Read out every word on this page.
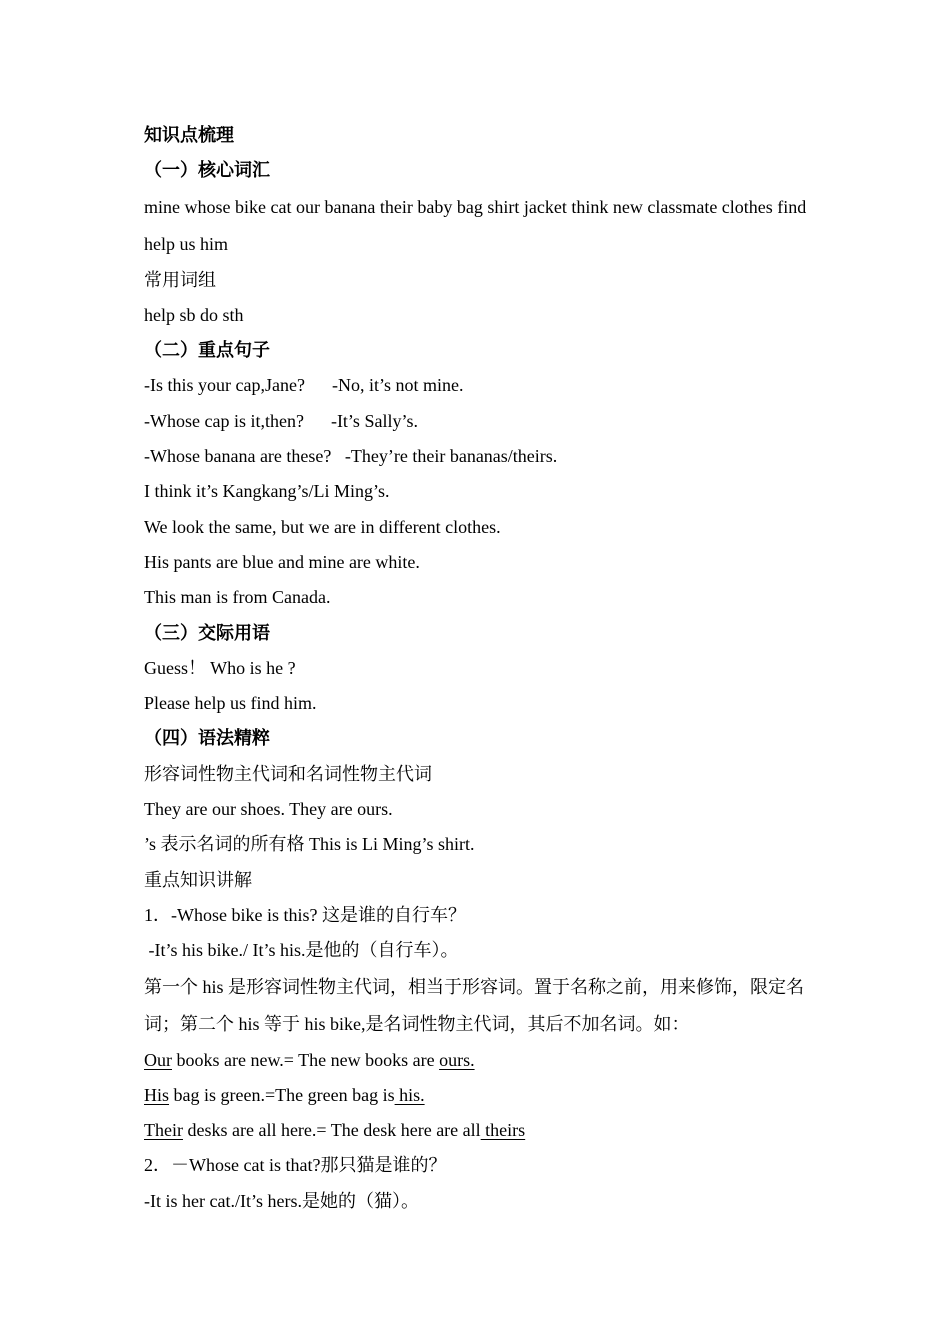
知识点梳理

（一）核心词汇

mine whose bike cat our banana their baby bag shirt jacket think new classmate clothes find help us him

常用词组

help sb do sth

（二）重点句子

-Is this your cap,Jane?      -No, it’s not mine.

-Whose cap is it,then?      -It’s Sally’s.

-Whose banana are these?   -They’re their bananas/theirs.

I think it’s Kangkang’s/Li Ming’s.

We look the same, but we are in different clothes.

His pants are blue and mine are white.

This man is from Canada.

（三）交际用语

Guess！ Who is he ?

Please help us find him.

（四）语法精粹

形容词性物主代词和名词性物主代词

They are our shoes. They are ours.

’s 表示名词的所有格 This is Li Ming’s shirt.

重点知识讲解

1．-Whose bike is this? 这是谁的自行车？

-It’s his bike./ It’s his.是他的（自行车）。

第一个 his 是形容词性物主代词，相当于形容词。置于名称之前，用来修饰，限定名词；第二个 his 等于 his bike,是名词性物主代词，其后不加名词。如：

Our books are new.= The new books are ours.

His bag is green.=The green bag is his.

Their desks are all here.= The desk here are all theirs

2．－Whose cat is that?那只猫是谁的？

-It is her cat./It’s hers.是她的（猫）。
